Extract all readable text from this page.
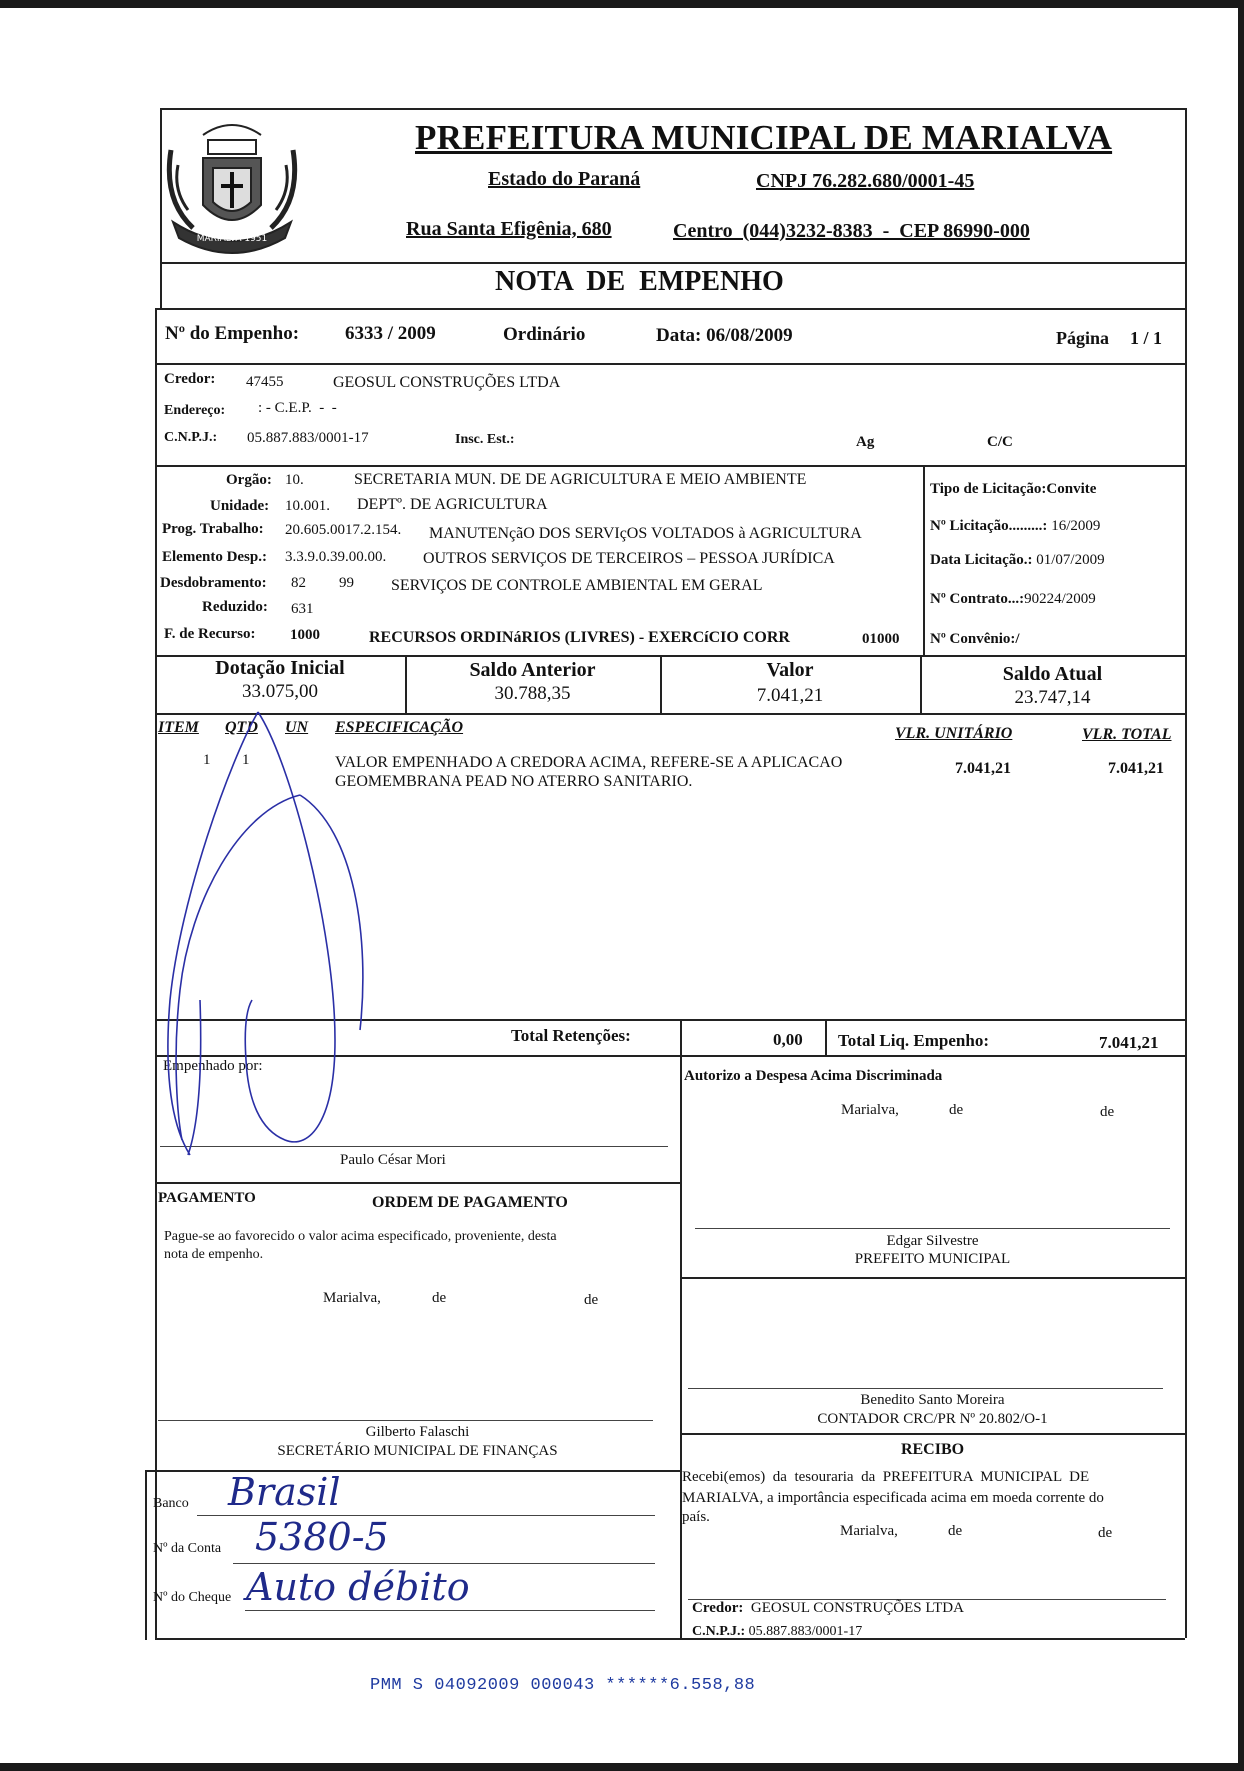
MARIALVA 1951
PREFEITURA MUNICIPAL DE MARIALVA
Estado do Paraná	CNPJ 76.282.680/0001-45
Rua Santa Efigênia, 680	Centro  (044)3232-8383  -  CEP 86990-000
NOTA  DE  EMPENHO
Nº do Empenho: 6333 / 2009	Ordinário	Data: 06/08/2009	Página 1 / 1
Credor: 47455	GEOSUL CONSTRUÇÕES LTDA
Endereço: : - C.E.P.  -  -
C.N.P.J.: 05.887.883/0001-17	Insc. Est.:	Ag	C/C
Orgão: 10.	SECRETARIA MUN. DE DE AGRICULTURA E MEIO AMBIENTE
Unidade: 10.001. DEPTº. DE AGRICULTURA
Prog. Trabalho: 20.605.0017.2.154. MANUTENçãO DOS SERVIçOS VOLTADOS à AGRICULTURA
Elemento Desp.: 3.3.9.0.39.00.00. OUTROS SERVIÇOS DE TERCEIROS – PESSOA JURÍDICA
Desdobramento: 82 99 SERVIÇOS DE CONTROLE AMBIENTAL EM GERAL
Reduzido: 631
F. de Recurso: 1000	RECURSOS ORDINáRIOS (LIVRES) - EXERCíCIO CORR	01000
Tipo de Licitação:Convite
Nº Licitação.........: 16/2009
Data Licitação.: 01/07/2009
Nº Contrato...:90224/2009
Nº Convênio:/
Dotação Inicial
33.075,00
Saldo Anterior
30.788,35
Valor
7.041,21
Saldo Atual
23.747,14
ITEM QTD UN ESPECIFICAÇÃO	VLR. UNITÁRIO	VLR. TOTAL
1 1	VALOR EMPENHADO A CREDORA ACIMA, REFERE-SE A APLICACAO
GEOMEMBRANA PEAD NO ATERRO SANITARIO.
7.041,21	7.041,21
Total Retenções:	0,00 Total Liq. Empenho:	7.041,21
Empenhado por:
Paulo César Mori
Autorizo a Despesa Acima Discriminada
Marialva,	de	de
Edgar Silvestre
PREFEITO MUNICIPAL
Benedito Santo Moreira
CONTADOR CRC/PR Nº 20.802/O-1
PAGAMENTO	ORDEM DE PAGAMENTO
Pague-se ao favorecido o valor acima especificado, proveniente, desta
nota de empenho.
Marialva,	de	de
Gilberto Falaschi
SECRETÁRIO MUNICIPAL DE FINANÇAS
Banco Brasil
Nº da Conta 5380-5
Nº do Cheque Auto débito
RECIBO
Recebi(emos)  da  tesouraria  da  PREFEITURA  MUNICIPAL  DE
MARIALVA, a importância especificada acima em moeda corrente do
país.
Marialva,	de	de
Credor: GEOSUL CONSTRUÇÕES LTDA
C.N.P.J.: 05.887.883/0001-17
PMM S 04092009 000043 ******6.558,88
